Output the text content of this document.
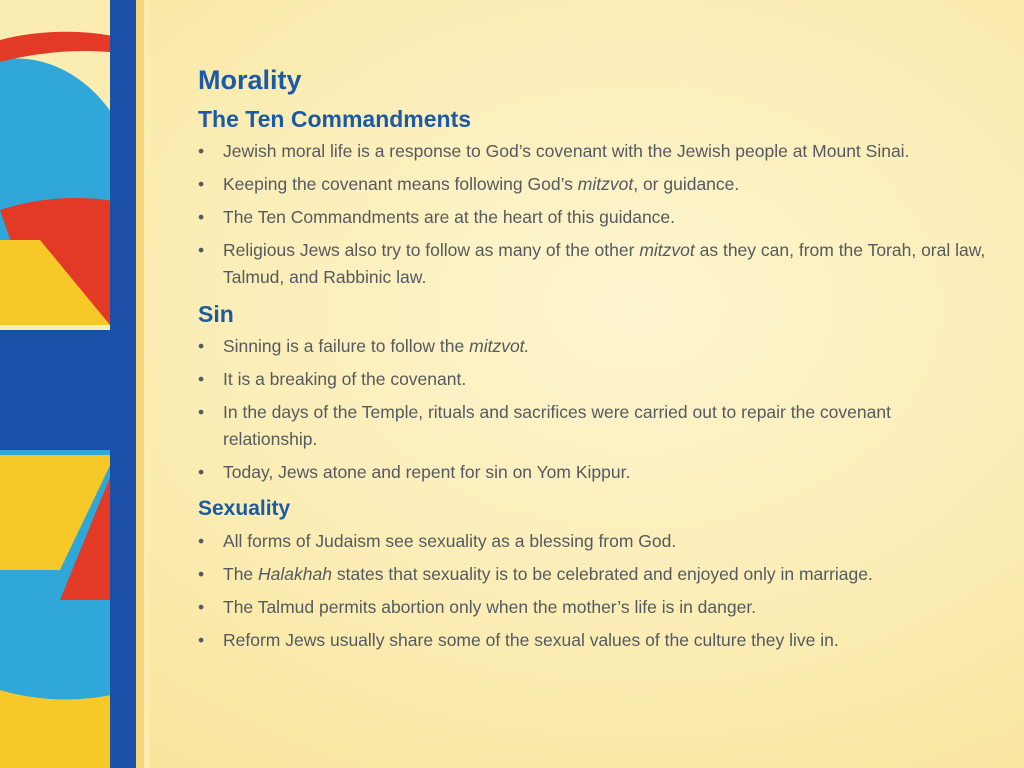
Morality
The Ten Commandments
• Jewish moral life is a response to God’s covenant with the Jewish people at Mount Sinai.
• Keeping the covenant means following God’s mitzvot, or guidance.
• The Ten Commandments are at the heart of this guidance.
• Religious Jews also try to follow as many of the other mitzvot as they can, from the Torah, oral law, Talmud, and Rabbinic law.
Sin
• Sinning is a failure to follow the mitzvot.
• It is a breaking of the covenant.
• In the days of the Temple, rituals and sacrifices were carried out to repair the covenant relationship.
• Today, Jews atone and repent for sin on Yom Kippur.
Sexuality
• All forms of Judaism see sexuality as a blessing from God.
• The Halakhah states that sexuality is to be celebrated and enjoyed only in marriage.
• The Talmud permits abortion only when the mother’s life is in danger.
• Reform Jews usually share some of the sexual values of the culture they live in.
